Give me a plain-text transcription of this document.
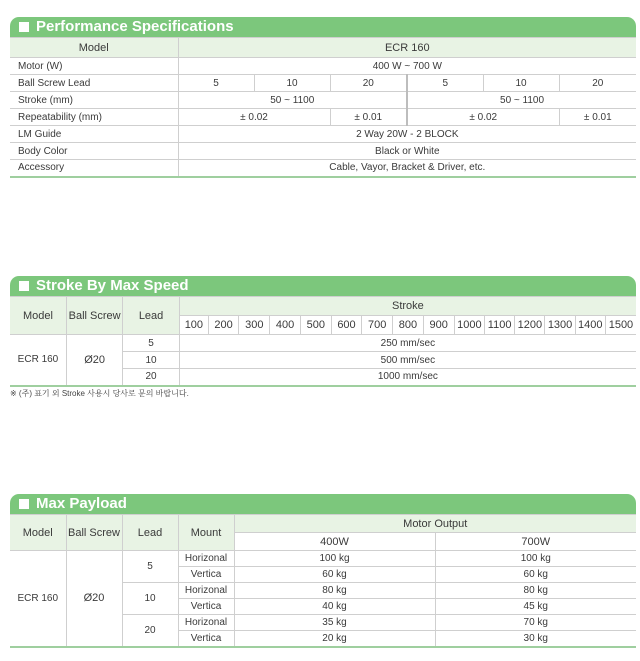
Performance Specifications
Model	ECR 160					
Motor (W)	400 W ~ 700 W					
Ball Screw Lead	5	10	20	5	10	20
Stroke (mm)	50 ~ 1100			50 ~ 1100		
Repeatability (mm)	± 0.02		± 0.01	± 0.02		± 0.01
LM Guide	2 Way 20W - 2 BLOCK					
Body Color	Black or White					
Accessory	Cable, Vayor, Bracket & Driver, etc.					
Stroke By Max Speed
Model	Ball Screw	Lead	Stroke														
			100	200	300	400	500	600	700	800	900	1000	1100	1200	1300	1400	1500
ECR 160	Ø20	5	250 mm/sec														
		10	500 mm/sec														
		20	1000 mm/sec														
※ (주) 표기 외 Stroke 사용시 당사로 문의 바랍니다.
Max Payload
Model	Ball Screw	Lead	Mount	Motor Output	
				400W	700W
ECR 160	Ø20	5	Horizonal	100 kg	100 kg
			Vertica	60 kg	60 kg
		10	Horizonal	80 kg	80 kg
			Vertica	40 kg	45 kg
		20	Horizonal	35 kg	70 kg
			Vertica	20 kg	30 kg
